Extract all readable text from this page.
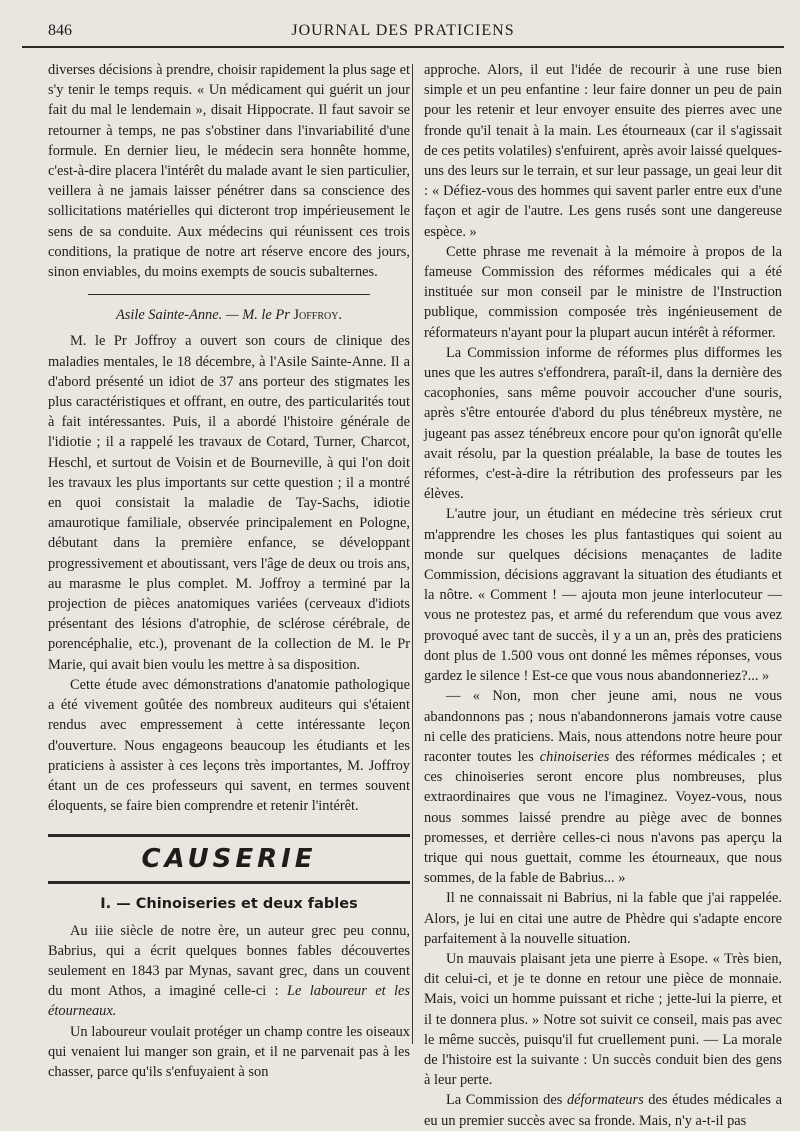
846	JOURNAL DES PRATICIENS

diverses décisions à prendre, choisir rapidement la plus sage et s'y tenir le temps requis. « Un médicament qui guérit un jour fait du mal le lendemain », disait Hippocrate. Il faut savoir se retourner à temps, ne pas s'obstiner dans l'invariabilité d'une formule. En dernier lieu, le médecin sera honnête homme, c'est-à-dire placera l'intérêt du malade avant le sien particulier, veillera à ne jamais laisser pénétrer dans sa conscience des sollicitations matérielles qui dicteront trop impérieusement le sens de sa conduite. Aux médecins qui réunissent ces trois conditions, la pratique de notre art réserve encore des jours, sinon enviables, du moins exempts de soucis subalternes.

Asile Sainte-Anne. — M. le Pr Joffroy.

M. le Pr Joffroy a ouvert son cours de clinique des maladies mentales, le 18 décembre, à l'Asile Sainte-Anne. Il a d'abord présenté un idiot de 37 ans porteur des stigmates les plus caractéristiques et offrant, en outre, des particularités tout à fait intéressantes. Puis, il a abordé l'histoire générale de l'idiotie ; il a rappelé les travaux de Cotard, Turner, Charcot, Heschl, et surtout de Voisin et de Bourneville, à qui l'on doit les travaux les plus importants sur cette question ; il a montré en quoi consistait la maladie de Tay-Sachs, idiotie amaurotique familiale, observée principalement en Pologne, débutant dans la première enfance, se développant progressivement et aboutissant, vers l'âge de deux ou trois ans, au marasme le plus complet. M. Joffroy a terminé par la projection de pièces anatomiques variées (cerveaux d'idiots présentant des lésions d'atrophie, de sclérose cérébrale, de porencéphalie, etc.), provenant de la collection de M. le Pr Marie, qui avait bien voulu les mettre à sa disposition.

Cette étude avec démonstrations d'anatomie pathologique a été vivement goûtée des nombreux auditeurs qui s'étaient rendus avec empressement à cette intéressante leçon d'ouverture. Nous engageons beaucoup les étudiants et les praticiens à assister à ces leçons très importantes, M. Joffroy étant un de ces professeurs qui savent, en termes souvent éloquents, se faire bien comprendre et retenir l'intérêt.

CAUSERIE
I. — Chinoiseries et deux fables

Au iiie siècle de notre ère, un auteur grec peu connu, Babrius, qui a écrit quelques bonnes fables découvertes seulement en 1843 par Mynas, savant grec, dans un couvent du mont Athos, a imaginé celle-ci : Le laboureur et les étourneaux.

Un laboureur voulait protéger un champ contre les oiseaux qui venaient lui manger son grain, et il ne parvenait pas à les chasser, parce qu'ils s'enfuyaient à son

approche. Alors, il eut l'idée de recourir à une ruse bien simple et un peu enfantine : leur faire donner un peu de pain pour les retenir et leur envoyer ensuite des pierres avec une fronde qu'il tenait à la main. Les étourneaux (car il s'agissait de ces petits volatiles) s'enfuirent, après avoir laissé quelques-uns des leurs sur le terrain, et sur leur passage, un geai leur dit : « Défiez-vous des hommes qui savent parler entre eux d'une façon et agir de l'autre. Les gens rusés sont une dangereuse espèce. »

Cette phrase me revenait à la mémoire à propos de la fameuse Commission des réformes médicales qui a été instituée sur mon conseil par le ministre de l'Instruction publique, commission composée très ingénieusement de réformateurs n'ayant pour la plupart aucun intérêt à réformer.

La Commission informe de réformes plus difformes les unes que les autres s'effondrera, paraît-il, dans la dernière des cacophonies, sans même pouvoir accoucher d'une souris, après s'être entourée d'abord du plus ténébreux mystère, ne jugeant pas assez ténébreux encore pour qu'on ignorât qu'elle avait résolu, par la question préalable, la base de toutes les réformes, c'est-à-dire la rétribution des professeurs par les élèves.

L'autre jour, un étudiant en médecine très sérieux crut m'apprendre les choses les plus fantastiques qui soient au monde sur quelques décisions menaçantes de ladite Commission, décisions aggravant la situation des étudiants et la nôtre. « Comment ! — ajouta mon jeune interlocuteur — vous ne protestez pas, et armé du referendum que vous avez provoqué avec tant de succès, il y a un an, près des praticiens dont plus de 1.500 vous ont donné les mêmes réponses, vous gardez le silence ! Est-ce que vous nous abandonneriez?... »

— « Non, mon cher jeune ami, nous ne vous abandonnons pas ; nous n'abandonnerons jamais votre cause ni celle des praticiens. Mais, nous attendons notre heure pour raconter toutes les chinoiseries des réformes médicales ; et ces chinoiseries seront encore plus nombreuses, plus extraordinaires que vous ne l'imaginez. Voyez-vous, nous nous sommes laissé prendre au piège avec de bonnes promesses, et derrière celles-ci nous n'avons pas aperçu la trique qui nous guettait, comme les étourneaux, que nous sommes, de la fable de Babrius... »

Il ne connaissait ni Babrius, ni la fable que j'ai rappelée. Alors, je lui en citai une autre de Phèdre qui s'adapte encore parfaitement à la nouvelle situation.

Un mauvais plaisant jeta une pierre à Esope. « Très bien, dit celui-ci, et je te donne en retour une pièce de monnaie. Mais, voici un homme puissant et riche ; jette-lui la pierre, et il te donnera plus. » Notre sot suivit ce conseil, mais pas avec le même succès, puisqu'il fut cruellement puni. — La morale de l'histoire est la suivante : Un succès conduit bien des gens à leur perte.

La Commission des déformateurs des études médicales a eu un premier succès avec sa fronde. Mais, n'y a-t-il pas
